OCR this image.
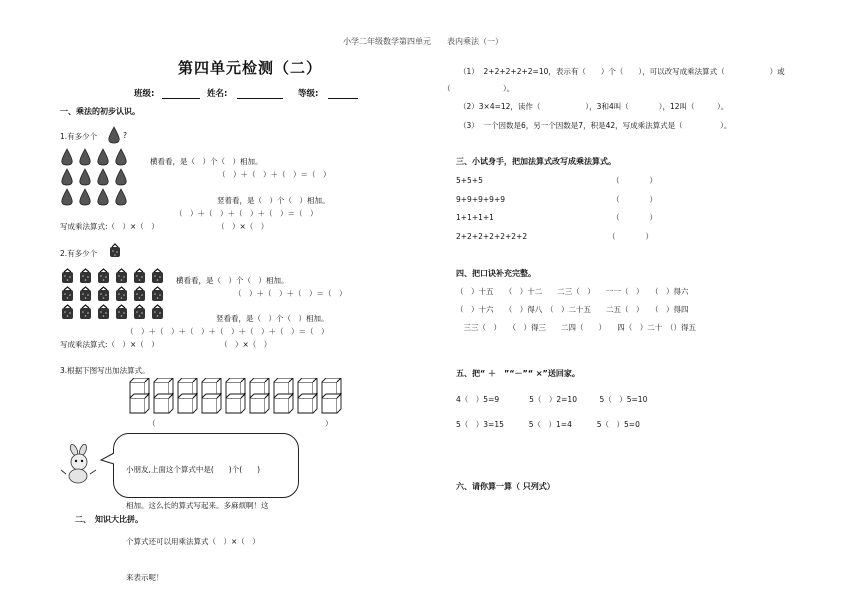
小学二年级数学第四单元　　表内乘法（一）
第四单元检测（二）
班级:	姓名:	等级:
一、乘法的初步认识。
1.有多少个	?
横看看，是（　）个（　）相加。
（　）＋（　）＋（　）＝（　）
竖着看，是（　）个（　）相加。
（　）＋（　）＋（　）＋（　）＝（　）
写成乘法算式:（　）×（　）	（　）×（　）
2.有多少个
横看看，是（　）个（　）相加。
（　）＋（　）＋（　）＝（　）
竖看看，是（　）个（　）相加。
（　）＋（　）＋（　）＋（　）＋（　）＋（　）＝（　）
写成乘法算式:（　）×（　）	（　）×（　）
3.根据下图写出加法算式。
（	）

小朋友,上面这个算式中是(　　)个(　　)

相加。这么长的算式写起来。多麻烦啊！这

个算式还可以用乘法算式（　）×（　）

来表示呢！

二、　知识大比拼。
（1）  2+2+2+2+2=10，表示有（　　）个（　　），可以改写成乘法算式（　　　　　　）或
（　　　　　　　）。
（2）3×4=12，读作（　　　　　　），3和4叫（　　　　），12叫（　　　）。
（3）  一个因数是6，另一个因数是7，积是42，写成乘法算式是（　　　　　）。
三、小试身手，把加法算式改写成乘法算式。
5+5+5	（　　　　）
9+9+9+9+9	（　　　　）
1+1+1+1	（　　　　）
2+2+2+2+2+2+2	（　　　　）
四、把口诀补充完整。
（　）十五　　（　）十二　　二三（　）　　一一（　）　　（　）得六
（　）十六　　（　）得八　（　）二十五　　二五（　）　　（　）得四
　三三（　）　　（　）得三　　二四（　　）　　四（　）二十　（）得五
五、把“ ＋　”“－”“ ×”送回家。
4（　）5=9　　　　5（　）2=10　　　5（　）5=10
5（　）3=15　　　 5（　）1=4　　　 5（　）5=0
六、请你算一算（ 只列式）
